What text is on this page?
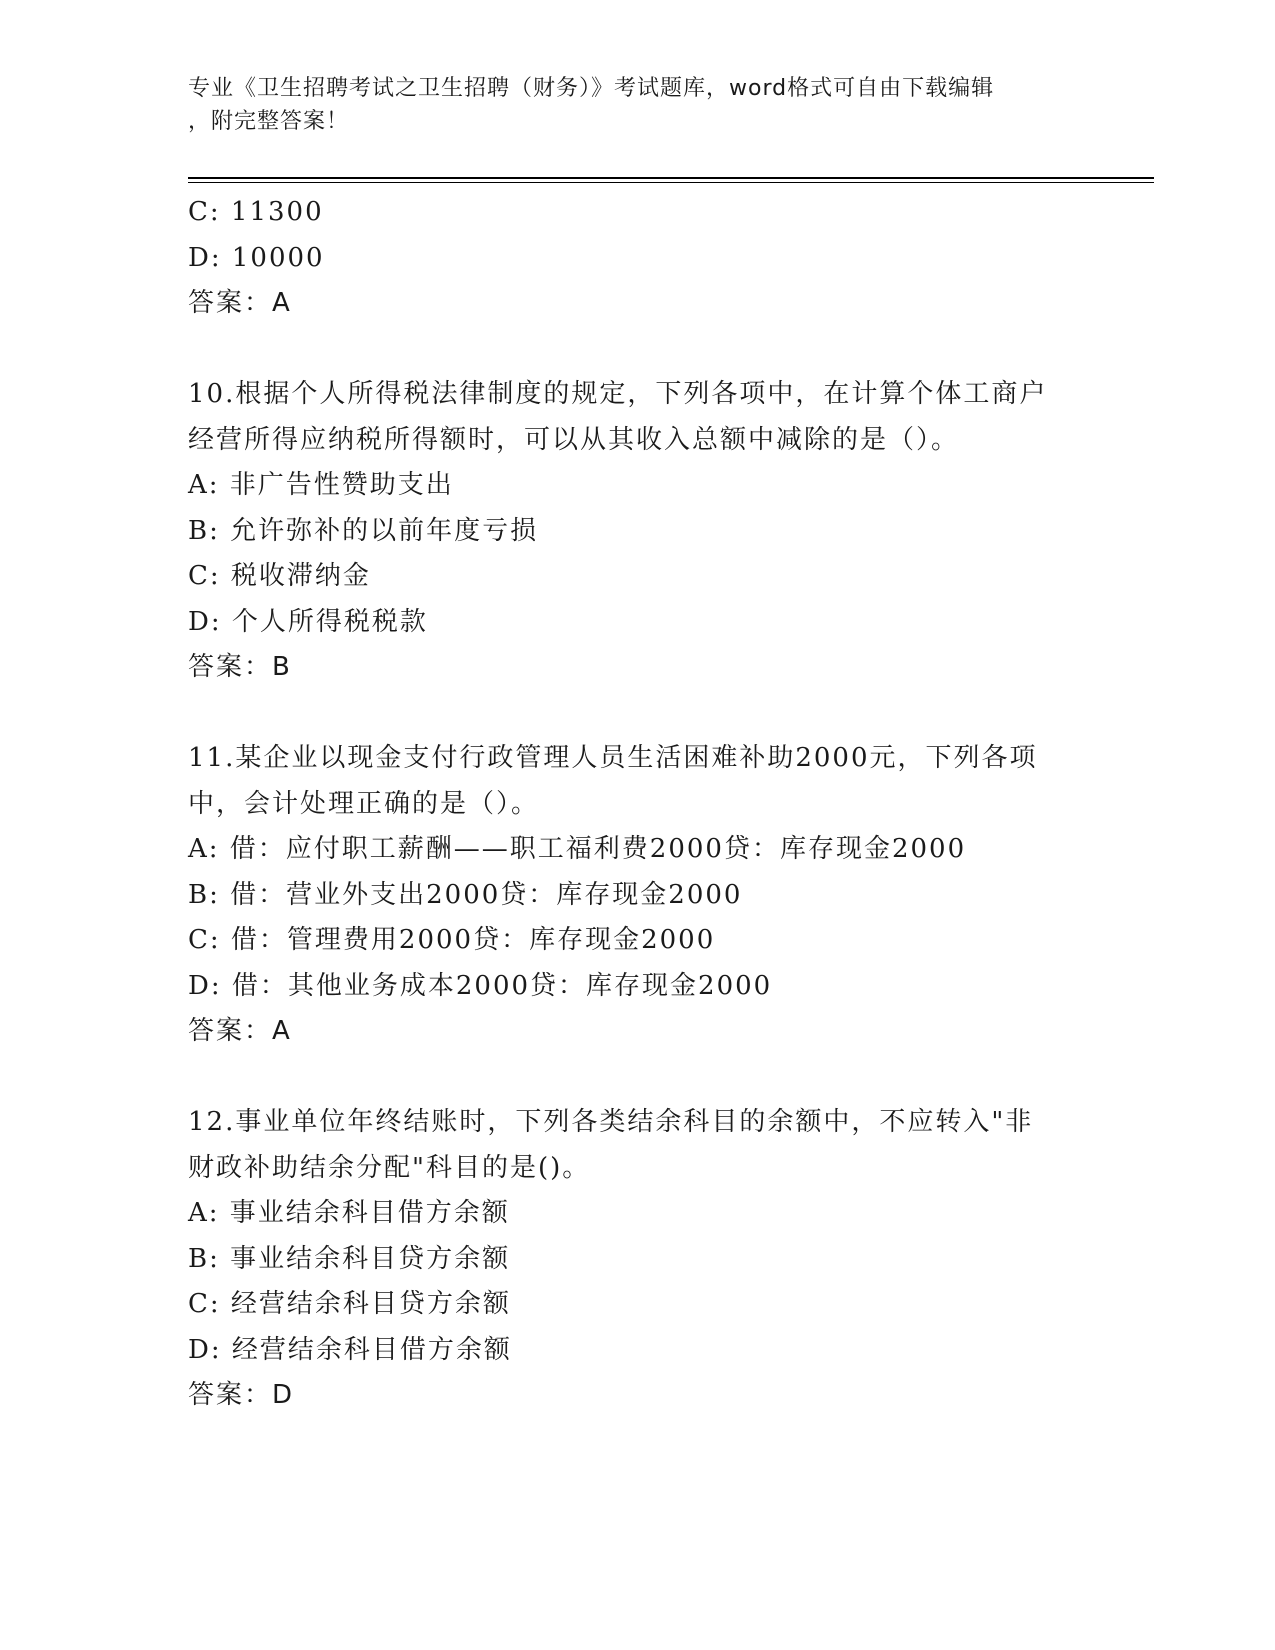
专业《卫生招聘考试之卫生招聘（财务）》考试题库，word格式可自由下载编辑
，附完整答案！
C: 11300
D: 10000
答案：A
10.根据个人所得税法律制度的规定，下列各项中，在计算个体工商户
经营所得应纳税所得额时，可以从其收入总额中减除的是（）。
A: 非广告性赞助支出
B: 允许弥补的以前年度亏损
C: 税收滞纳金
D: 个人所得税税款
答案：B
11.某企业以现金支付行政管理人员生活困难补助2000元，下列各项
中，会计处理正确的是（）。
A: 借：应付职工薪酬——职工福利费2000贷：库存现金2000
B: 借：营业外支出2000贷：库存现金2000
C: 借：管理费用2000贷：库存现金2000
D: 借：其他业务成本2000贷：库存现金2000
答案：A
12.事业单位年终结账时，下列各类结余科目的余额中，不应转入"非
财政补助结余分配"科目的是()。
A: 事业结余科目借方余额
B: 事业结余科目贷方余额
C: 经营结余科目贷方余额
D: 经营结余科目借方余额
答案：D
